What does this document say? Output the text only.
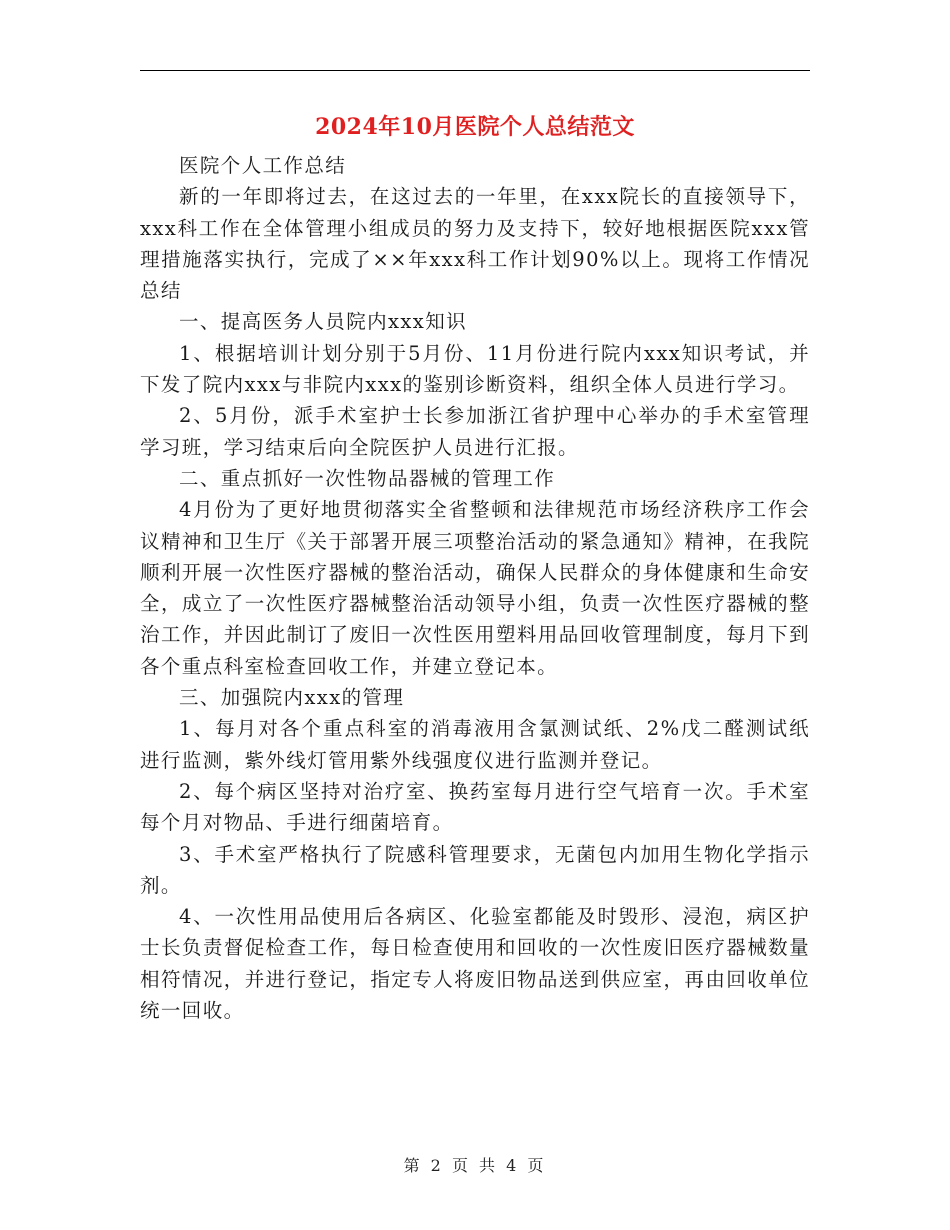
2024年10月医院个人总结范文

医院个人工作总结

新的一年即将过去，在这过去的一年里，在xxx院长的直接领导下，xxx科工作在全体管理小组成员的努力及支持下，较好地根据医院xxx管理措施落实执行，完成了××年xxx科工作计划90%以上。现将工作情况总结

一、提高医务人员院内xxx知识

1、根据培训计划分别于5月份、11月份进行院内xxx知识考试，并下发了院内xxx与非院内xxx的鉴别诊断资料，组织全体人员进行学习。

2、5月份，派手术室护士长参加浙江省护理中心举办的手术室管理学习班，学习结束后向全院医护人员进行汇报。

二、重点抓好一次性物品器械的管理工作

4月份为了更好地贯彻落实全省整顿和法律规范市场经济秩序工作会议精神和卫生厅《关于部署开展三项整治活动的紧急通知》精神，在我院顺利开展一次性医疗器械的整治活动，确保人民群众的身体健康和生命安全，成立了一次性医疗器械整治活动领导小组，负责一次性医疗器械的整治工作，并因此制订了废旧一次性医用塑料用品回收管理制度，每月下到各个重点科室检查回收工作，并建立登记本。

三、加强院内xxx的管理

1、每月对各个重点科室的消毒液用含氯测试纸、2%戊二醛测试纸进行监测，紫外线灯管用紫外线强度仪进行监测并登记。

2、每个病区坚持对治疗室、换药室每月进行空气培育一次。手术室每个月对物品、手进行细菌培育。

3、手术室严格执行了院感科管理要求，无菌包内加用生物化学指示剂。

4、一次性用品使用后各病区、化验室都能及时毁形、浸泡，病区护士长负责督促检查工作，每日检查使用和回收的一次性废旧医疗器械数量相符情况，并进行登记，指定专人将废旧物品送到供应室，再由回收单位统一回收。

第 2 页 共 4 页
